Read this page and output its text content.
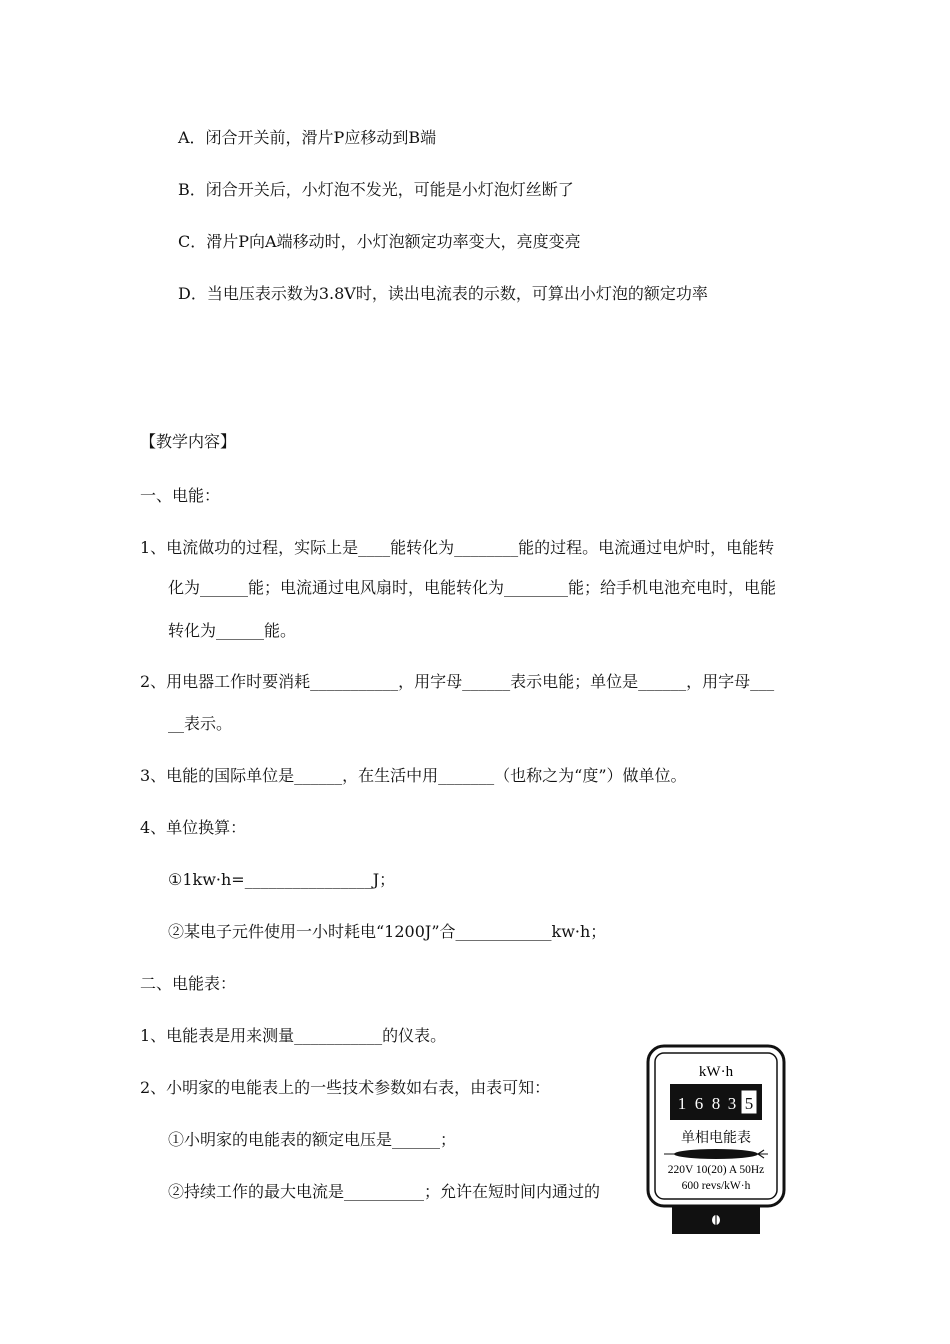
A．闭合开关前，滑片P应移动到B端
B．闭合开关后，小灯泡不发光，可能是小灯泡灯丝断了
C．滑片P向A端移动时，小灯泡额定功率变大，亮度变亮
D．当电压表示数为3.8V时，读出电流表的示数，可算出小灯泡的额定功率
【教学内容】
一、电能：
1、电流做功的过程，实际上是____能转化为________能的过程。电流通过电炉时，电能转
化为______能；电流通过电风扇时，电能转化为________能；给手机电池充电时，电能
转化为______能。
2、用电器工作时要消耗___________，用字母______表示电能；单位是______，用字母___
__表示。
3、电能的国际单位是______，在生活中用_______（也称之为“度”）做单位。
4、单位换算：
①1kw·h=________________J；
②某电子元件使用一小时耗电“1200J”合____________kw·h；
二、电能表：
1、电能表是用来测量___________的仪表。
2、小明家的电能表上的一些技术参数如右表，由表可知：
①小明家的电能表的额定电压是______；
②持续工作的最大电流是__________；允许在短时间内通过的
kW·h
1 6 8 3 5
单相电能表
220V 10(20) A 50Hz
600 revs/kW·h
